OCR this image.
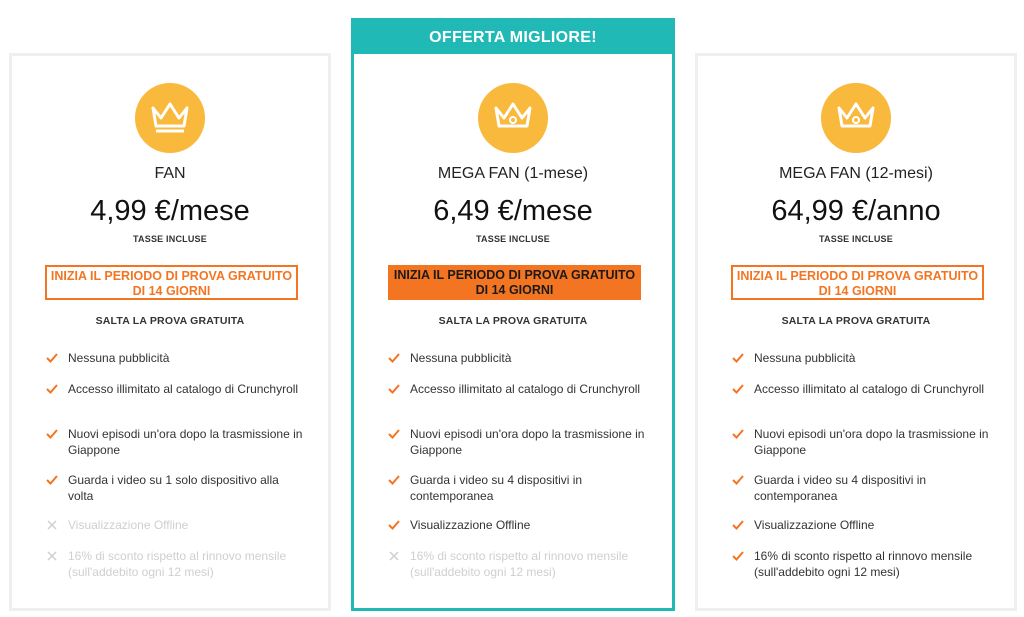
FAN
4,99 €/mese
TASSE INCLUSE
INIZIA IL PERIODO DI PROVA GRATUITO DI 14 GIORNI
SALTA LA PROVA GRATUITA
Nessuna pubblicità
Accesso illimitato al catalogo di Crunchyroll
Nuovi episodi un'ora dopo la trasmissione in Giappone
Guarda i video su 1 solo dispositivo alla volta
Visualizzazione Offline
16% di sconto rispetto al rinnovo mensile (sull'addebito ogni 12 mesi)
OFFERTA MIGLIORE!
MEGA FAN (1-mese)
6,49 €/mese
TASSE INCLUSE
INIZIA IL PERIODO DI PROVA GRATUITO DI 14 GIORNI
SALTA LA PROVA GRATUITA
Nessuna pubblicità
Accesso illimitato al catalogo di Crunchyroll
Nuovi episodi un'ora dopo la trasmissione in Giappone
Guarda i video su 4 dispositivi in contemporanea
Visualizzazione Offline
16% di sconto rispetto al rinnovo mensile (sull'addebito ogni 12 mesi)
MEGA FAN (12-mesi)
64,99 €/anno
TASSE INCLUSE
INIZIA IL PERIODO DI PROVA GRATUITO DI 14 GIORNI
SALTA LA PROVA GRATUITA
Nessuna pubblicità
Accesso illimitato al catalogo di Crunchyroll
Nuovi episodi un'ora dopo la trasmissione in Giappone
Guarda i video su 4 dispositivi in contemporanea
Visualizzazione Offline
16% di sconto rispetto al rinnovo mensile (sull'addebito ogni 12 mesi)
